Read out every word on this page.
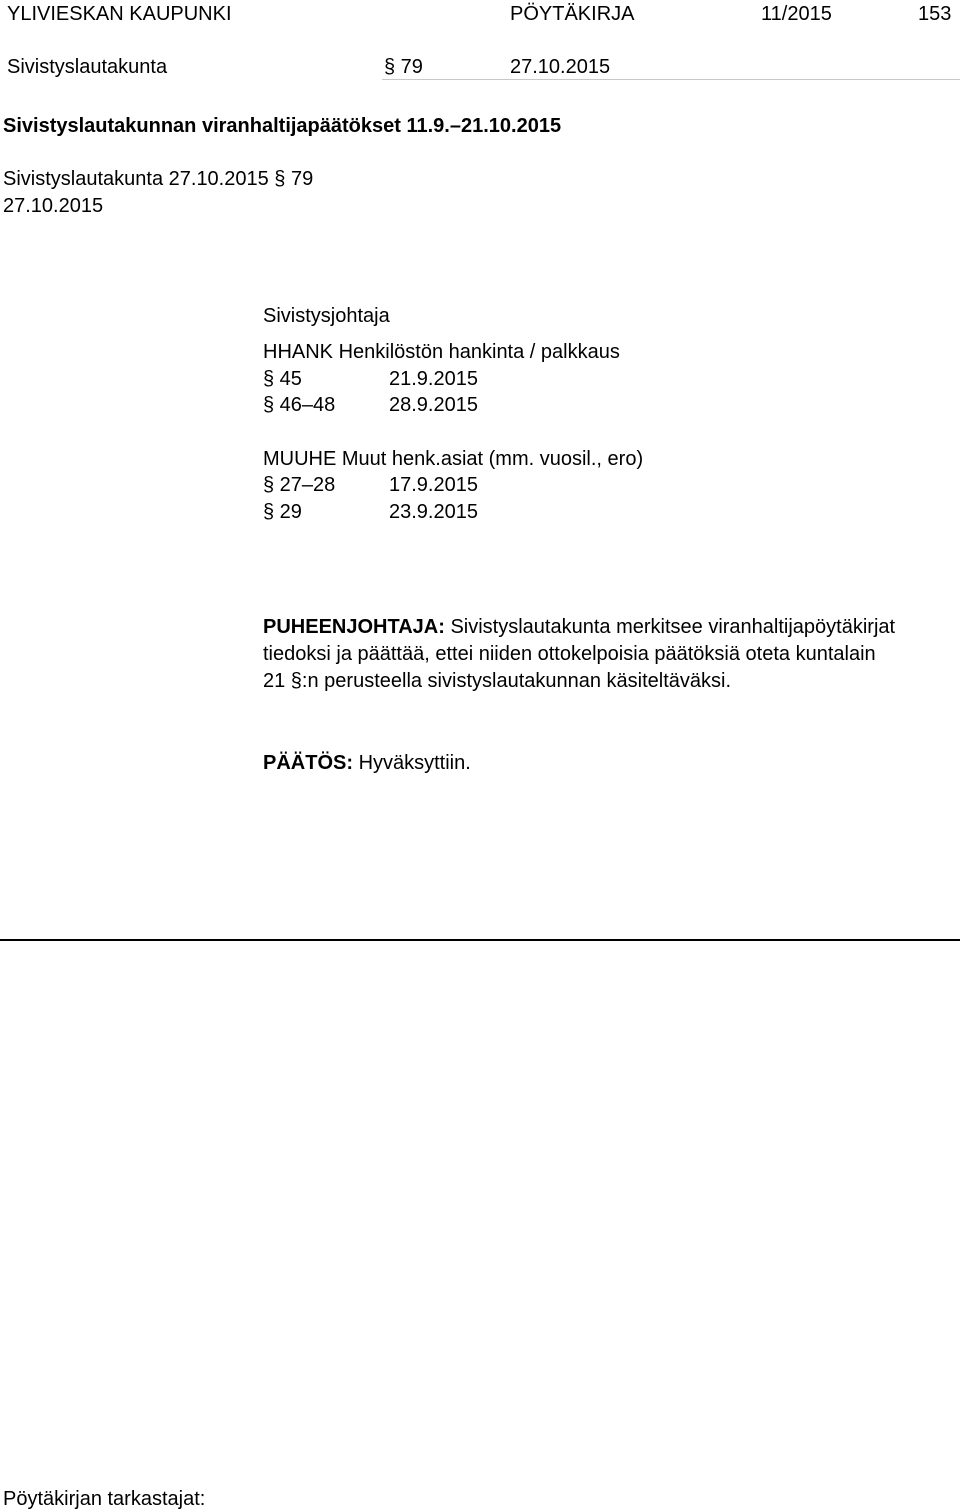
YLIVIESKAN KAUPUNKI	PÖYTÄKIRJA	11/2015	153
Sivistyslautakunta	§ 79	27.10.2015
Sivistyslautakunnan viranhaltijapäätökset 11.9.–21.10.2015
Sivistyslautakunta 27.10.2015 § 79
27.10.2015
Sivistysjohtaja
HHANK Henkilöstön hankinta / palkkaus
§ 45	21.9.2015
§ 46–48	28.9.2015
MUUHE Muut henk.asiat (mm. vuosil., ero)
§ 27–28	17.9.2015
§ 29	23.9.2015
PUHEENJOHTAJA: Sivistyslautakunta merkitsee viranhaltijapöytäkirjat tiedoksi ja päättää, ettei niiden ottokelpoisia päätöksiä oteta kuntalain 21 §:n perusteella sivistyslautakunnan käsiteltäväksi.
PÄÄTÖS: Hyväksyttiin.
Pöytäkirjan tarkastajat:
